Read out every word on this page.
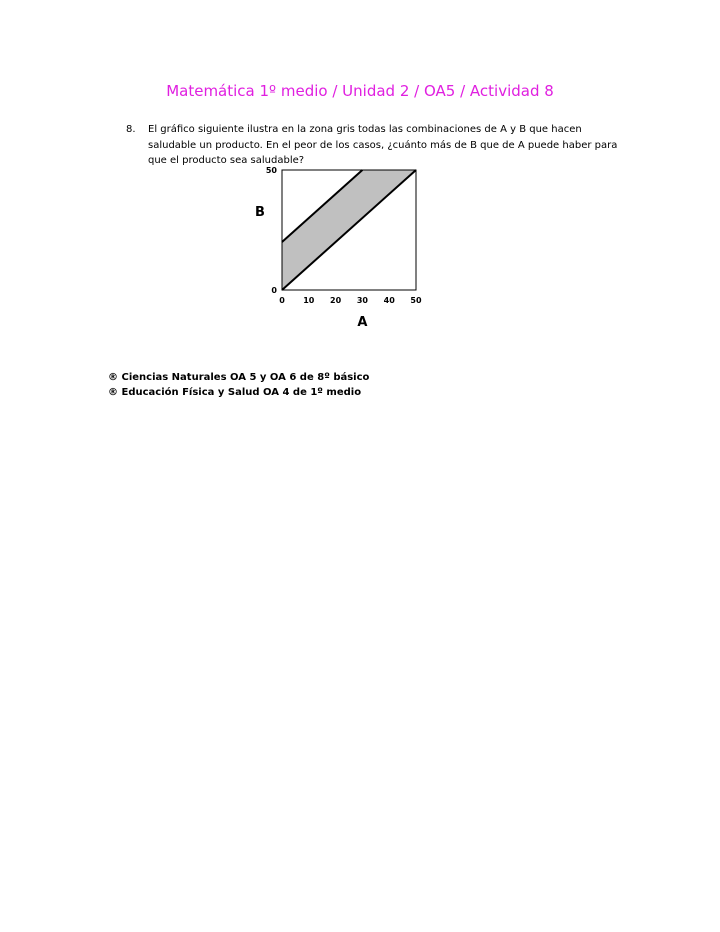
Matemática 1º medio / Unidad 2 / OA5 / Actividad 8
8. El gráfico siguiente ilustra en la zona gris todas las combinaciones de A y B que hacen saludable un producto. En el peor de los casos, ¿cuánto más de B que de A puede haber para que el producto sea saludable?
0 10 20 30 40 50
0
50
A
B
® Ciencias Naturales OA 5 y OA 6 de 8º básico
® Educación Física y Salud OA 4 de 1º medio
